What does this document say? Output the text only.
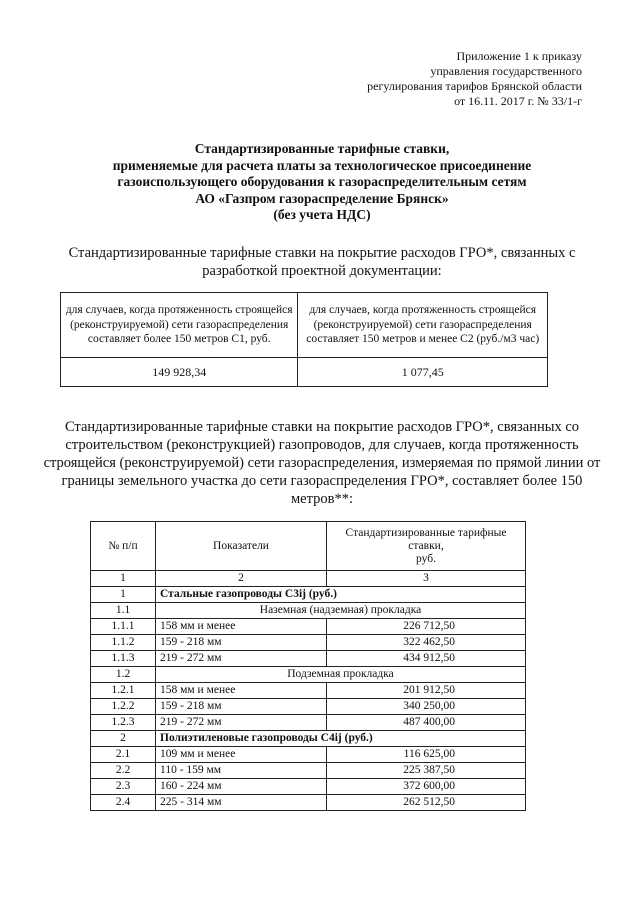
Приложение 1 к приказу
управления государственного
регулирования тарифов Брянской области
от 16.11. 2017 г. № 33/1-г
Стандартизированные тарифные ставки,
применяемые для расчета платы за технологическое присоединение
газоиспользующего оборудования к газораспределительным сетям
АО «Газпром газораспределение Брянск»
(без учета НДС)
Стандартизированные тарифные ставки на покрытие расходов ГРО*, связанных с разработкой проектной документации:
для случаев, когда протяженность строящейся (реконструируемой) сети газораспределения составляет более 150 метров С1, руб.	для случаев, когда протяженность строящейся (реконструируемой) сети газораспределения составляет 150 метров и менее С2 (руб./м3 час)
149 928,34	1 077,45
Стандартизированные тарифные ставки на покрытие расходов ГРО*, связанных со строительством (реконструкцией) газопроводов, для случаев, когда протяженность строящейся (реконструируемой) сети газораспределения, измеряемая по прямой линии от границы земельного участка до сети газораспределения ГРО*, составляет более 150 метров**:
№ п/п	Показатели	Стандартизированные тарифные ставки,
руб.
1	2	3
1	Стальные газопроводы С3ij (руб.)	
1.1	Наземная (надземная) прокладка	
1.1.1	158 мм и менее	226 712,50
1.1.2	159 - 218 мм	322 462,50
1.1.3	219 - 272 мм	434 912,50
1.2	Подземная прокладка	
1.2.1	158 мм и менее	201 912,50
1.2.2	159 - 218 мм	340 250,00
1.2.3	219 - 272 мм	487 400,00
2	Полиэтиленовые газопроводы С4ij (руб.)	
2.1	109 мм и менее	116 625,00
2.2	110 - 159 мм	225 387,50
2.3	160 - 224 мм	372 600,00
2.4	225 - 314 мм	262 512,50
